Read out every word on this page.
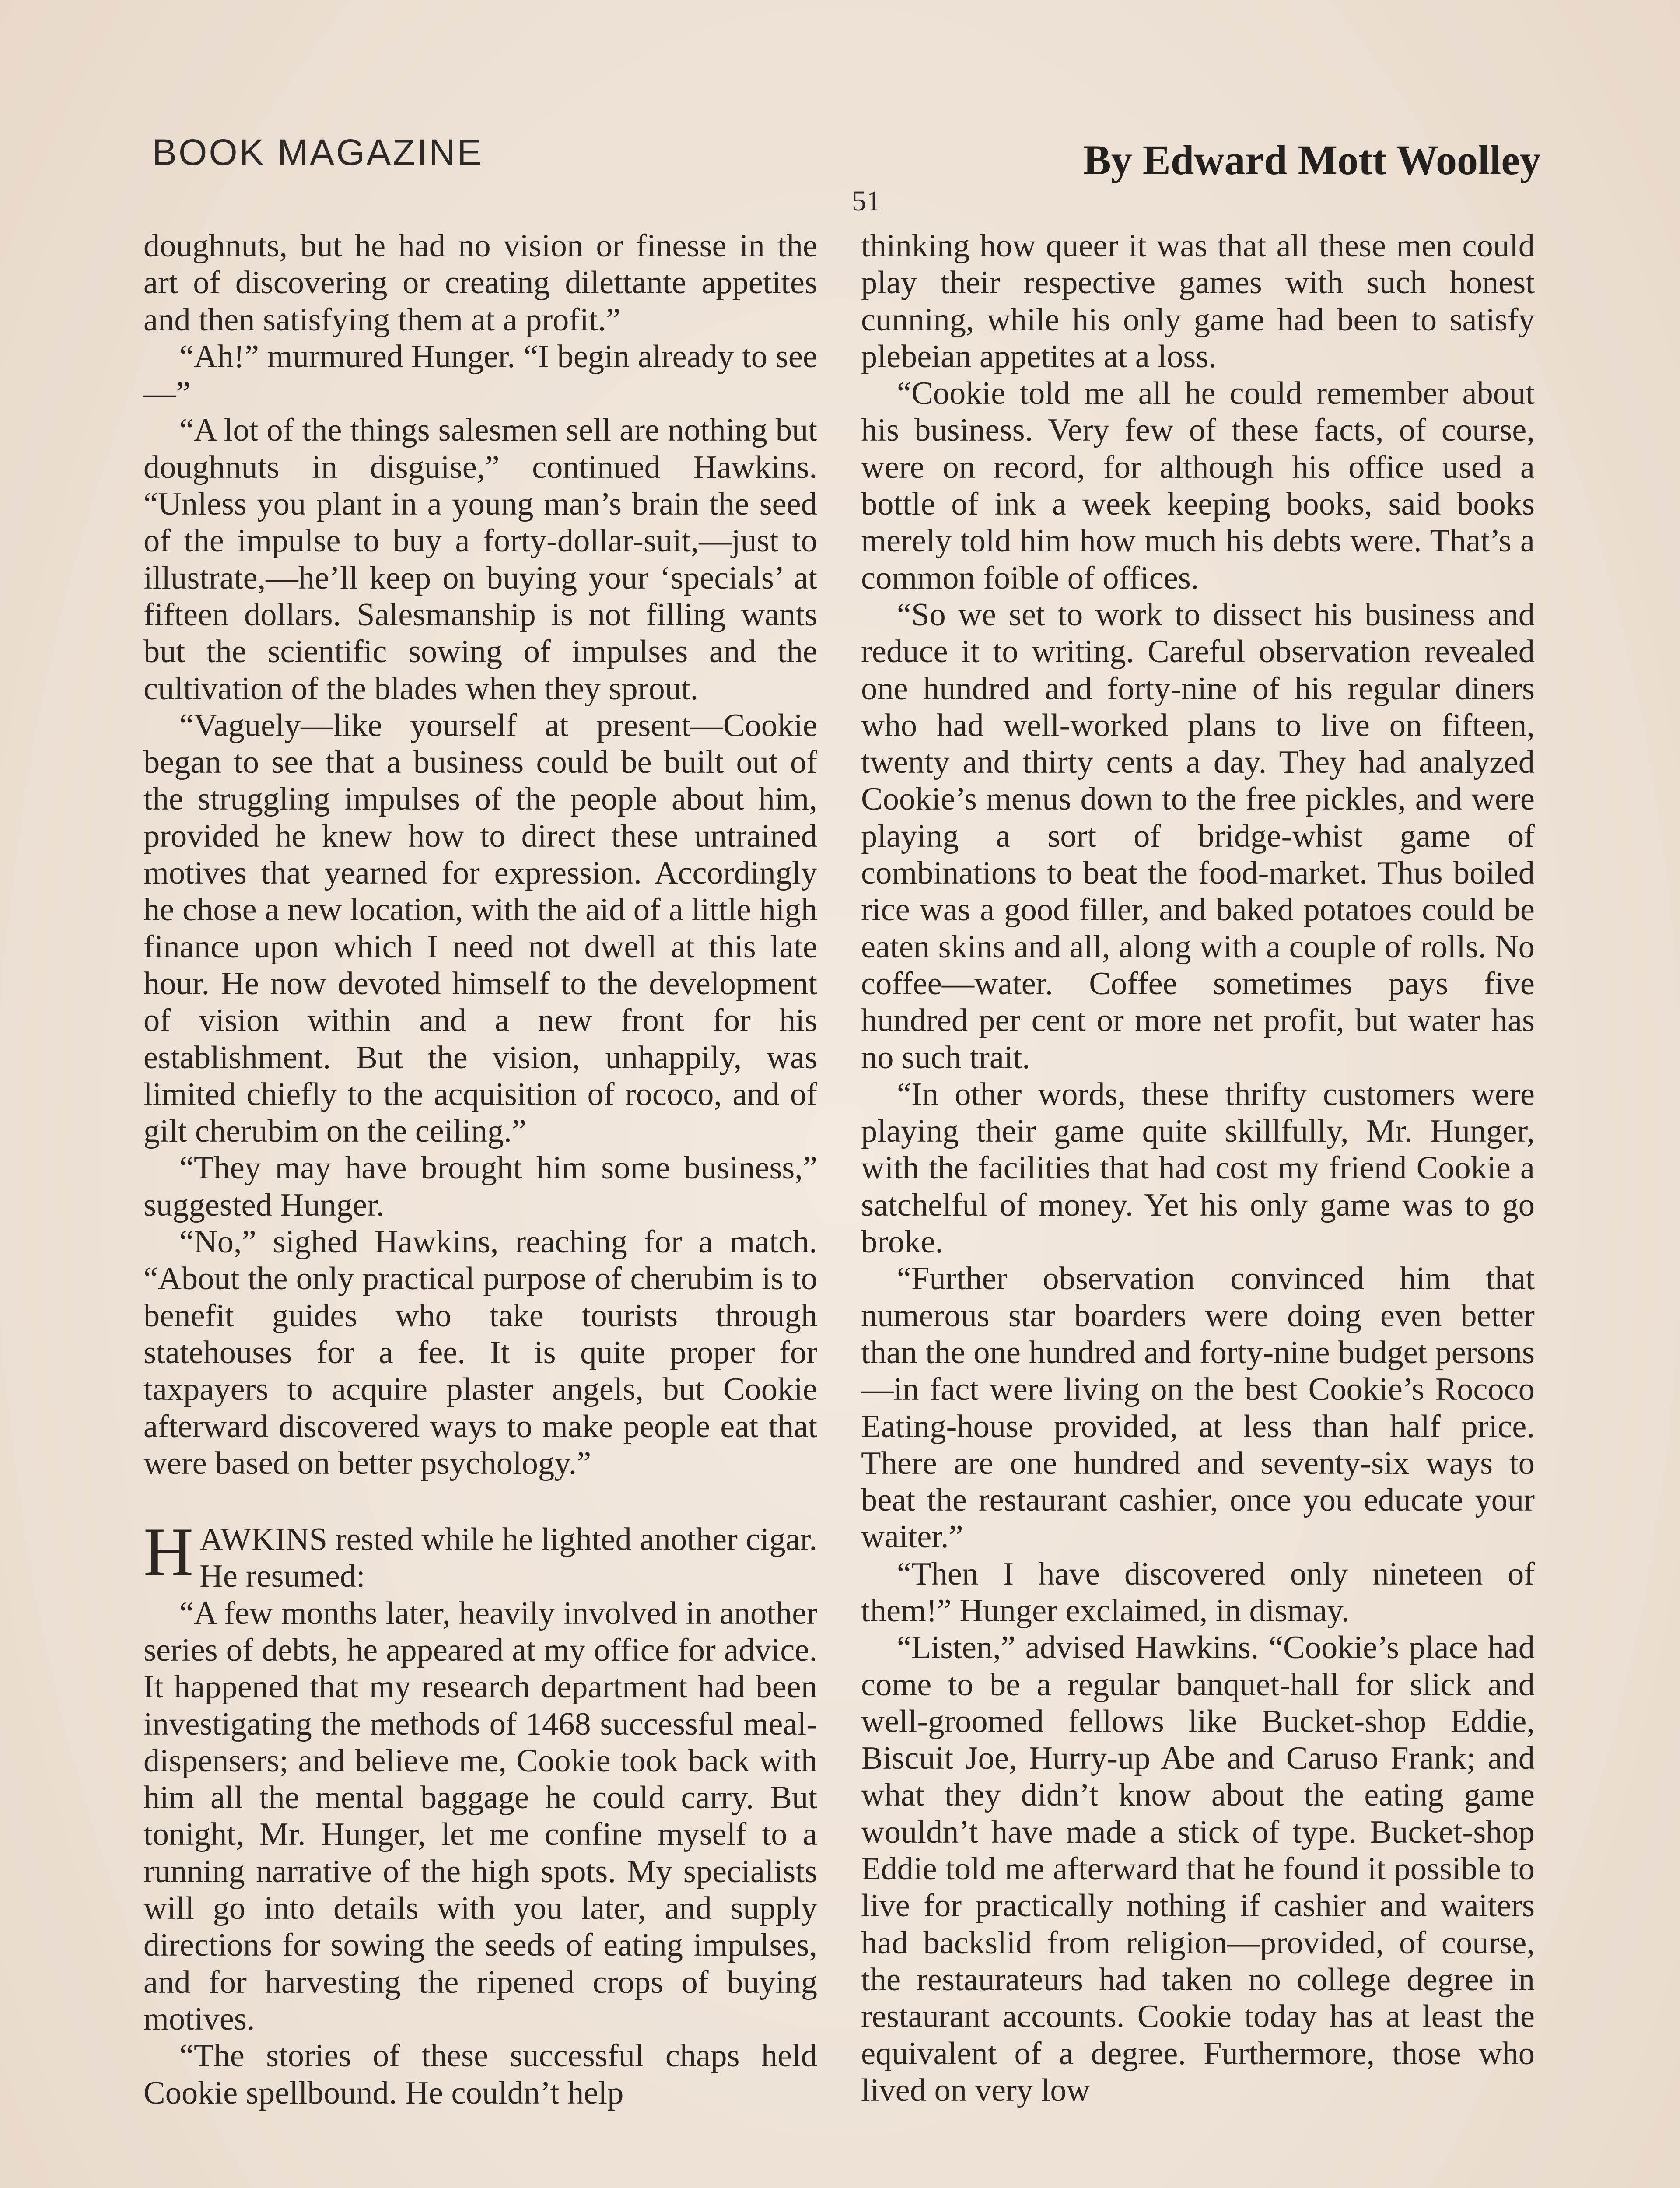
BOOK MAGAZINE	By Edward Mott Woolley
51

doughnuts, but he had no vision or finesse in the art of discovering or creating dilettante appetites and then satisfying them at a profit.”

“Ah!” murmured Hunger. “I begin already to see—”

“A lot of the things salesmen sell are nothing but doughnuts in disguise,” continued Hawkins. “Unless you plant in a young man’s brain the seed of the impulse to buy a forty-dollar-suit,—just to illustrate,—he’ll keep on buying your ‘specials’ at fifteen dollars. Salesmanship is not filling wants but the scientific sowing of impulses and the cultivation of the blades when they sprout.

“Vaguely—like yourself at present—Cookie began to see that a business could be built out of the struggling impulses of the people about him, provided he knew how to direct these untrained motives that yearned for expression. Accordingly he chose a new location, with the aid of a little high finance upon which I need not dwell at this late hour. He now devoted himself to the development of vision within and a new front for his establishment. But the vision, unhappily, was limited chiefly to the acquisition of rococo, and of gilt cherubim on the ceiling.”

“They may have brought him some business,” suggested Hunger.

“No,” sighed Hawkins, reaching for a match. “About the only practical purpose of cherubim is to benefit guides who take tourists through statehouses for a fee. It is quite proper for taxpayers to acquire plaster angels, but Cookie afterward discovered ways to make people eat that were based on better psychology.”

HAWKINS rested while he lighted another cigar. He resumed:

“A few months later, heavily involved in another series of debts, he appeared at my office for advice. It happened that my research department had been investigating the methods of 1468 successful meal-dispensers; and believe me, Cookie took back with him all the mental baggage he could carry. But tonight, Mr. Hunger, let me confine myself to a running narrative of the high spots. My specialists will go into details with you later, and supply directions for sowing the seeds of eating impulses, and for harvesting the ripened crops of buying motives.

“The stories of these successful chaps held Cookie spellbound. He couldn’t help

thinking how queer it was that all these men could play their respective games with such honest cunning, while his only game had been to satisfy plebeian appetites at a loss.

“Cookie told me all he could remember about his business. Very few of these facts, of course, were on record, for although his office used a bottle of ink a week keeping books, said books merely told him how much his debts were. That’s a common foible of offices.

“So we set to work to dissect his business and reduce it to writing. Careful observation revealed one hundred and forty-nine of his regular diners who had well-worked plans to live on fifteen, twenty and thirty cents a day. They had analyzed Cookie’s menus down to the free pickles, and were playing a sort of bridge-whist game of combinations to beat the food-market. Thus boiled rice was a good filler, and baked potatoes could be eaten skins and all, along with a couple of rolls. No coffee—water. Coffee sometimes pays five hundred per cent or more net profit, but water has no such trait.

“In other words, these thrifty customers were playing their game quite skillfully, Mr. Hunger, with the facilities that had cost my friend Cookie a satchelful of money. Yet his only game was to go broke.

“Further observation convinced him that numerous star boarders were doing even better than the one hundred and forty-nine budget persons—in fact were living on the best Cookie’s Rococo Eating-house provided, at less than half price. There are one hundred and seventy-six ways to beat the restaurant cashier, once you educate your waiter.”

“Then I have discovered only nineteen of them!” Hunger exclaimed, in dismay.

“Listen,” advised Hawkins. “Cookie’s place had come to be a regular banquet-hall for slick and well-groomed fellows like Bucket-shop Eddie, Biscuit Joe, Hurry-up Abe and Caruso Frank; and what they didn’t know about the eating game wouldn’t have made a stick of type. Bucket-shop Eddie told me afterward that he found it possible to live for practically nothing if cashier and waiters had backslid from religion—provided, of course, the restaurateurs had taken no college degree in restaurant accounts. Cookie today has at least the equivalent of a degree. Furthermore, those who lived on very low
